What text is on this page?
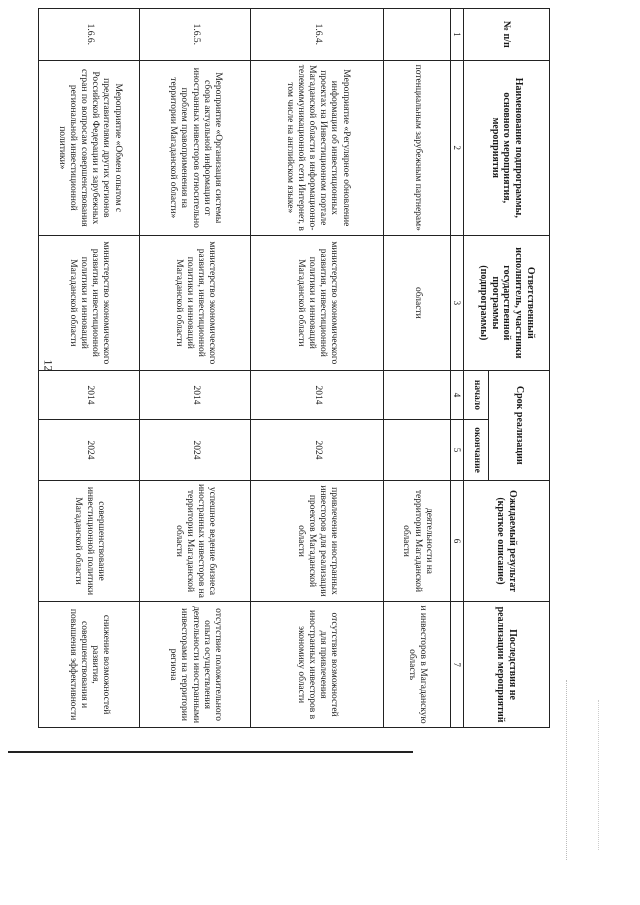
12
№ п/п	Наименование подпрограммы, основного мероприятия, мероприятия	Ответственный исполнитель, участники государственной программы (подпрограммы)	Срок реализации		Ожидаемый результат (краткое описание)	Последствия не реализации мероприятий
			начало	окончание		
1	2	3	4	5	6	7
	потенциальным зарубежным партнерам»	области			деятельности на территории Магаданской области	и инвесторов в Магаданскую область
1.6.4.	Мероприятие «Регулярное обновление информации об инвестиционных проектах на Инвестиционном портале Магаданской области в информационно-телекоммуникационной сети Интернет, в том числе на английском языке»	министерство экономического развития, инвестиционной политики и инноваций Магаданской области	2014	2024	привлечение иностранных инвесторов для реализации проектов Магаданской области	отсутствие возможностей для привлечения иностранных инвесторов в экономику области
1.6.5.	Мероприятие «Организация системы сбора актуальной информации от иностранных инвесторов относительно проблем правоприменения на территории Магаданской области»	министерство экономического развития, инвестиционной политики и инноваций Магаданской области	2014	2024	успешное ведение бизнеса иностранных инвесторов на территории Магаданской области	отсутствие положительного опыта осуществления деятельности иностранными инвесторами на территории региона
1.6.6.	Мероприятие «Обмен опытом с представителями других регионов Российской Федерации и зарубежных стран по вопросам совершенствования региональной инвестиционной политики»	министерство экономического развития, инвестиционной политики и инноваций Магаданской области	2014	2024	совершенствование инвестиционной политики Магаданской области	снижение возможностей развития, совершенствования и повышения эффективности
